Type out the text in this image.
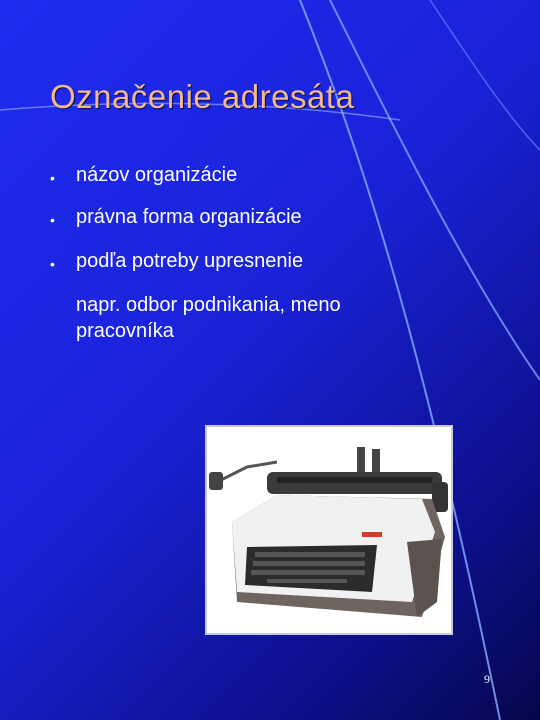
Označenie adresáta
• názov organizácie
• právna forma organizácie
• podľa potreby upresnenie
napr. odbor podnikania, meno
pracovníka
9
